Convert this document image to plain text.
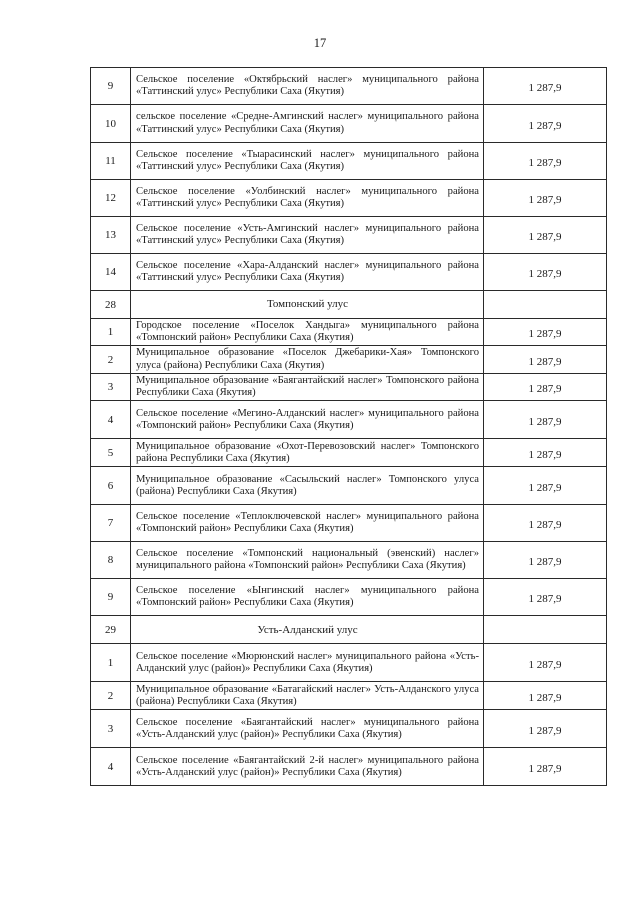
17
9	Сельское поселение «Октябрьский наслег» муниципального района «Таттинский улус» Республики Саха (Якутия)	1 287,9
10	сельское поселение «Средне-Амгинский наслег» муниципального района «Таттинский улус» Республики Саха (Якутия)	1 287,9
11	Сельское поселение «Тыарасинский наслег» муниципального района «Таттинский улус» Республики Саха (Якутия)	1 287,9
12	Сельское поселение «Уолбинский наслег» муниципального района «Таттинский улус» Республики Саха (Якутия)	1 287,9
13	Сельское поселение «Усть-Амгинский наслег» муниципального района «Таттинский улус» Республики Саха (Якутия)	1 287,9
14	Сельское поселение «Хара-Алданский наслег» муниципального района «Таттинский улус» Республики Саха (Якутия)	1 287,9
28	Томпонский улус	
1	Городское поселение «Поселок Хандыга» муниципального района «Томпонский район» Республики Саха (Якутия)	1 287,9
2	Муниципальное образование «Поселок Джебарики-Хая» Томпонского улуса (района) Республики Саха (Якутия)	1 287,9
3	Муниципальное образование «Баягантайский наслег» Томпонского района Республики Саха (Якутия)	1 287,9
4	Сельское поселение «Мегино-Алданский наслег» муниципального района «Томпонский район» Республики Саха (Якутия)	1 287,9
5	Муниципальное образование «Охот-Перевозовский наслег» Томпонского района Республики Саха (Якутия)	1 287,9
6	Муниципальное образование «Сасыльский наслег» Томпонского улуса (района) Республики Саха (Якутия)	1 287,9
7	Сельское поселение «Теплоключевской наслег» муниципального района «Томпонский район» Республики Саха (Якутия)	1 287,9
8	Сельское поселение «Томпонский национальный (эвенский) наслег» муниципального района «Томпонский район» Республики Саха (Якутия)	1 287,9
9	Сельское поселение «Ынгинский наслег» муниципального района «Томпонский район» Республики Саха (Якутия)	1 287,9
29	Усть-Алданский улус	
1	Сельское поселение «Мюрюнский наслег» муниципального района «Усть-Алданский улус (район)» Республики Саха (Якутия)	1 287,9
2	Муниципальное образование «Батагайский наслег» Усть-Алданского улуса (района) Республики Саха (Якутия)	1 287,9
3	Сельское поселение «Баягантайский наслег» муниципального района «Усть-Алданский улус (район)» Республики Саха (Якутия)	1 287,9
4	Сельское поселение «Баягантайский 2-й наслег» муниципального района «Усть-Алданский улус (район)» Республики Саха (Якутия)	1 287,9
